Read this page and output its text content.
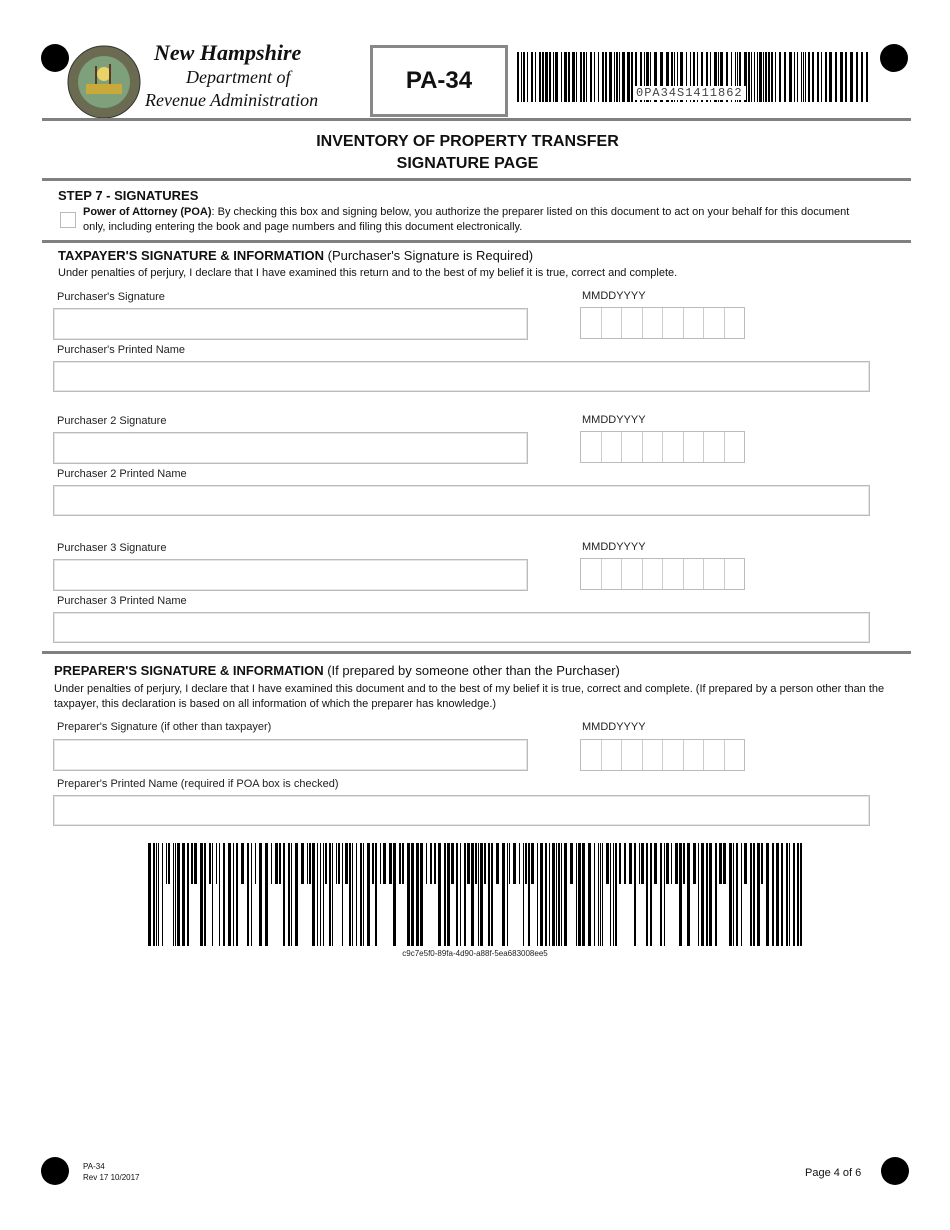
New Hampshire
Department of
Revenue Administration
PA-34	0PA34S1411862
INVENTORY OF PROPERTY TRANSFER
SIGNATURE PAGE
STEP 7 - SIGNATURES
Power of Attorney (POA): By checking this box and signing below, you authorize the preparer listed on this document to act on your behalf for this document only, including entering the book and page numbers and filing this document electronically.
TAXPAYER'S SIGNATURE & INFORMATION (Purchaser's Signature is Required)
Under penalties of perjury, I declare that I have examined this return and to the best of my belief it is true, correct and complete.
Purchaser's Signature	MMDDYYYY
Purchaser's Printed Name
Purchaser 2 Signature	MMDDYYYY
Purchaser 2 Printed Name
Purchaser 3 Signature	MMDDYYYY
Purchaser 3 Printed Name
PREPARER'S SIGNATURE & INFORMATION (If prepared by someone other than the Purchaser)
Under penalties of perjury, I declare that I have examined this document and to the best of my belief it is true, correct and complete. (If prepared by a person other than the taxpayer, this declaration is based on all information of which the preparer has knowledge.)
Preparer's Signature (if other than taxpayer)	MMDDYYYY
Preparer's Printed Name (required if POA box is checked)
c9c7e5f0-89fa-4d90-a88f-5ea683008ee5
PA-34
Rev 17 10/2017	Page 4 of 6
